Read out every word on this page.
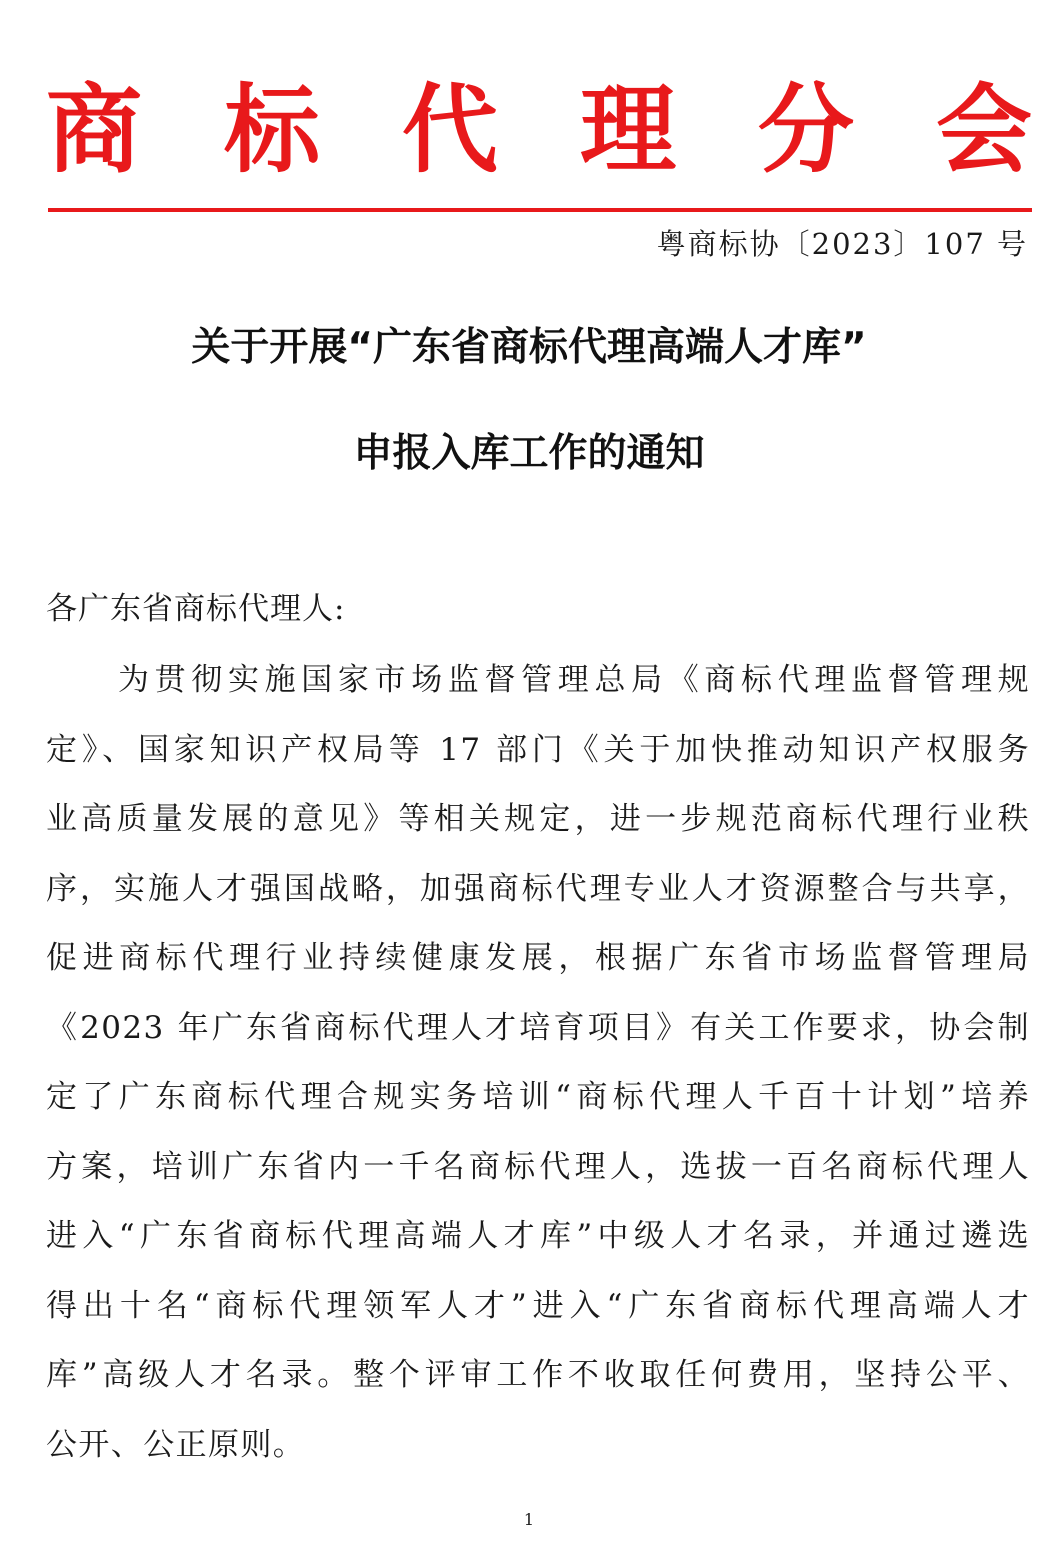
商 标 代 理 分 会
粤商标协〔2023〕107 号
关于开展“广东省商标代理高端人才库”
申报入库工作的通知
各广东省商标代理人:

为贯彻实施国家市场监督管理总局《商标代理监督管理规
定》、国家知识产权局等 17 部门《关于加快推动知识产权服务
业高质量发展的意见》等相关规定，进一步规范商标代理行业秩
序，实施人才强国战略，加强商标代理专业人才资源整合与共享，
促进商标代理行业持续健康发展，根据广东省市场监督管理局
《2023 年广东省商标代理人才培育项目》有关工作要求，协会制
定了广东商标代理合规实务培训“商标代理人千百十计划”培养
方案，培训广东省内一千名商标代理人，选拔一百名商标代理人
进入“广东省商标代理高端人才库”中级人才名录，并通过遴选
得出十名“商标代理领军人才”进入“广东省商标代理高端人才
库”高级人才名录。整个评审工作不收取任何费用，坚持公平、
公开、公正原则。

1
